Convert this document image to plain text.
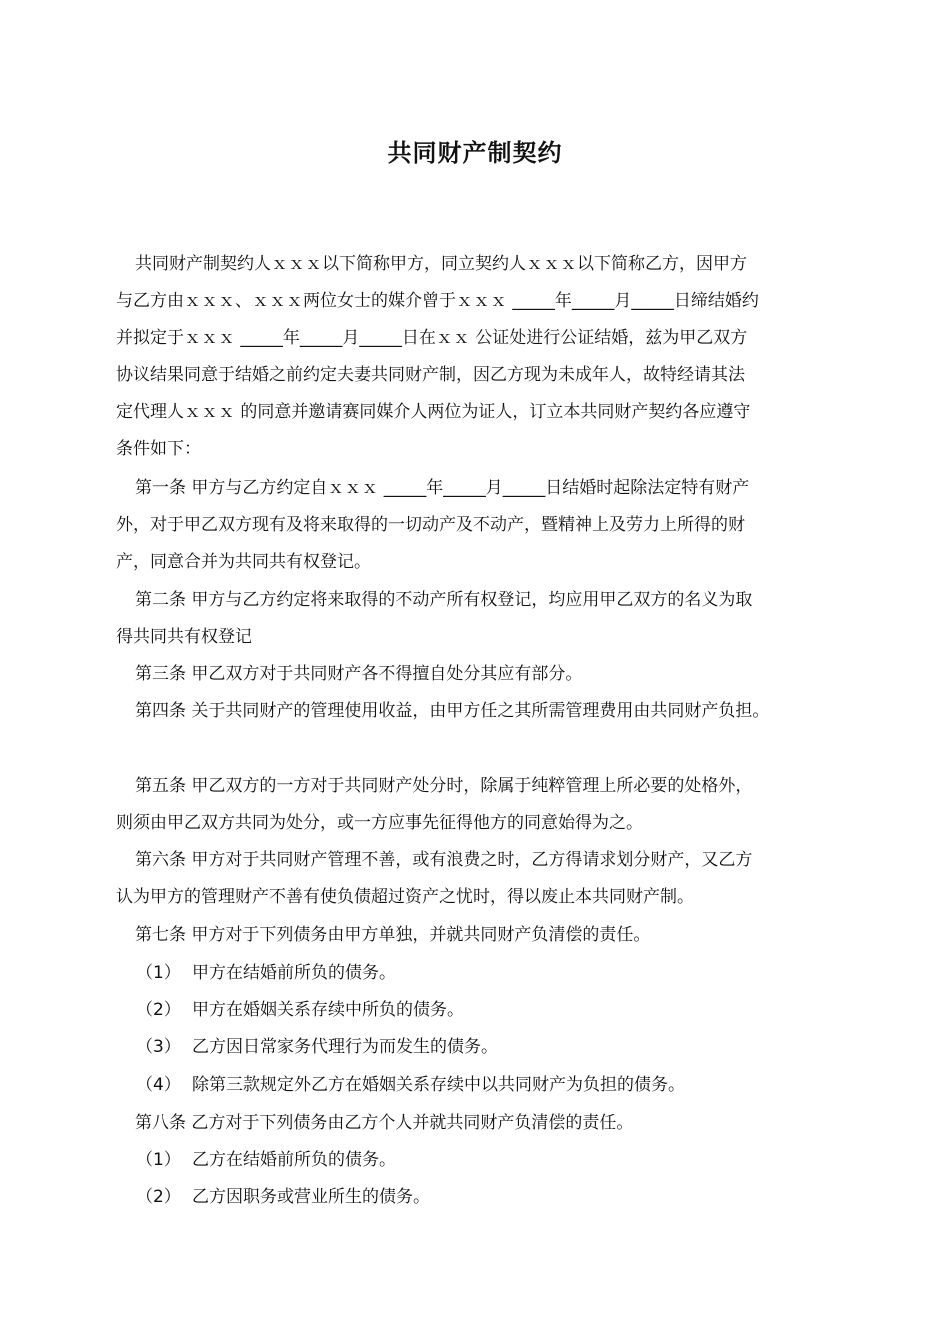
共同财产制契约
共同财产制契约人ｘｘｘ以下简称甲方，同立契约人ｘｘｘ以下简称乙方，因甲方
与乙方由ｘｘｘ、ｘｘｘ两位女士的媒介曾于ｘｘｘ _____年_____月_____日缔结婚约
并拟定于ｘｘｘ _____年_____月_____日在ｘｘ 公证处进行公证结婚，兹为甲乙双方
协议结果同意于结婚之前约定夫妻共同财产制，因乙方现为未成年人，故特经请其法
定代理人ｘｘｘ 的同意并邀请赛同媒介人两位为证人，订立本共同财产契约各应遵守
条件如下：
第一条 甲方与乙方约定自ｘｘｘ _____年_____月_____日结婚时起除法定特有财产
外，对于甲乙双方现有及将来取得的一切动产及不动产，暨精神上及劳力上所得的财
产，同意合并为共同共有权登记。
第二条 甲方与乙方约定将来取得的不动产所有权登记，均应用甲乙双方的名义为取
得共同共有权登记
第三条 甲乙双方对于共同财产各不得擅自处分其应有部分。
第四条 关于共同财产的管理使用收益，由甲方任之其所需管理费用由共同财产负担。
第五条 甲乙双方的一方对于共同财产处分时，除属于纯粹管理上所必要的处格外，
则须由甲乙双方共同为处分，或一方应事先征得他方的同意始得为之。
第六条 甲方对于共同财产管理不善，或有浪费之时，乙方得请求划分财产，又乙方
认为甲方的管理财产不善有使负债超过资产之忧时，得以废止本共同财产制。
第七条 甲方对于下列债务由甲方单独，并就共同财产负清偿的责任。
（1） 甲方在结婚前所负的债务。
（2） 甲方在婚姻关系存续中所负的债务。
（3） 乙方因日常家务代理行为而发生的债务。
（4） 除第三款规定外乙方在婚姻关系存续中以共同财产为负担的债务。
第八条 乙方对于下列债务由乙方个人并就共同财产负清偿的责任。
（1） 乙方在结婚前所负的债务。
（2） 乙方因职务或营业所生的债务。
